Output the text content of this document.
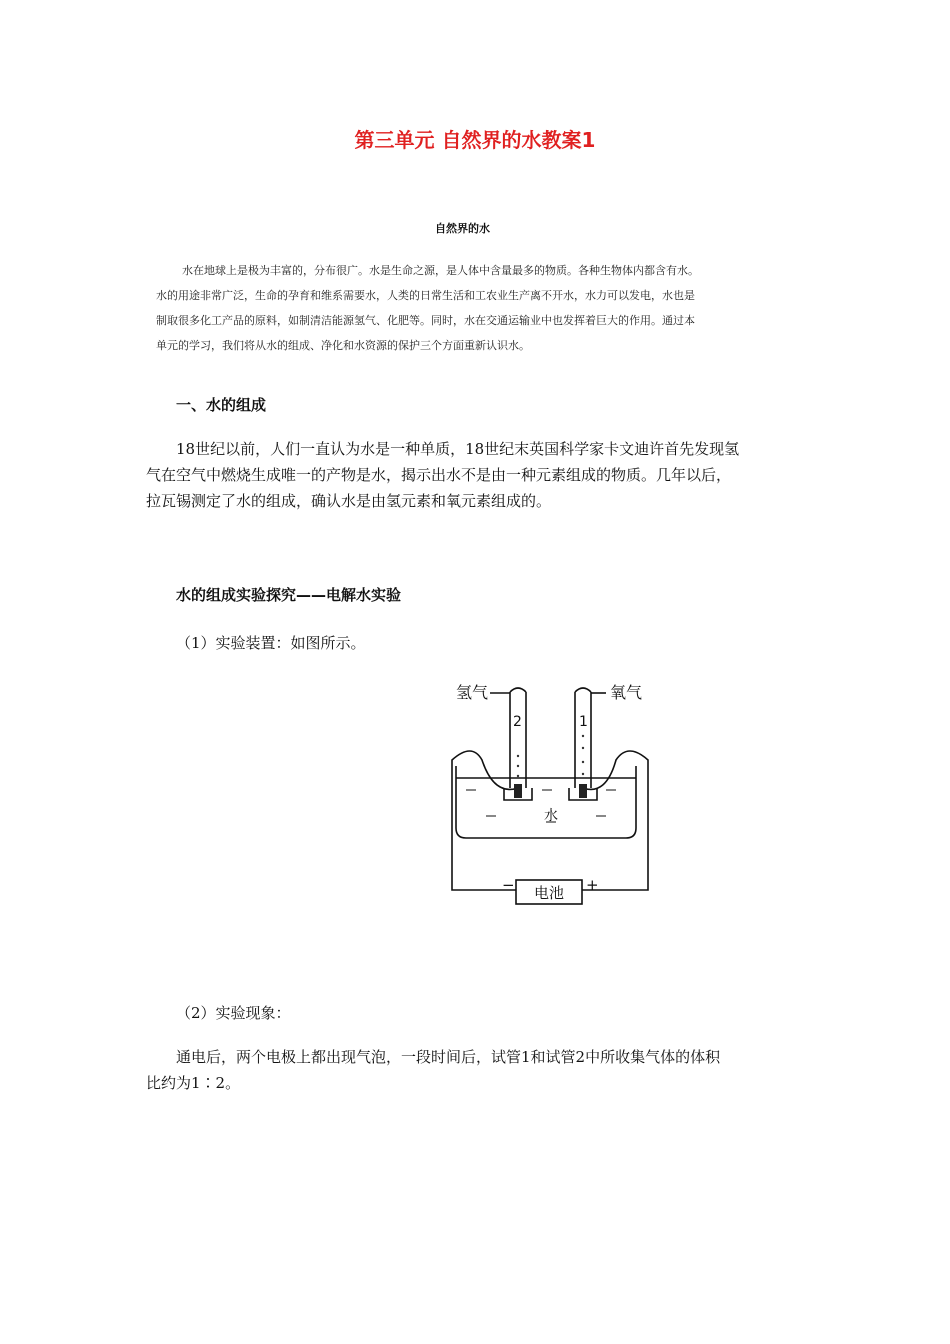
第三单元 自然界的水教案1
自然界的水

水在地球上是极为丰富的，分布很广。水是生命之源，是人体中含量最多的物质。各种生物体内都含有水。

水的用途非常广泛，生命的孕育和维系需要水，人类的日常生活和工农业生产离不开水，水力可以发电，水也是

制取很多化工产品的原料，如制清洁能源氢气、化肥等。同时，水在交通运输业中也发挥着巨大的作用。通过本

单元的学习，我们将从水的组成、净化和水资源的保护三个方面重新认识水。

一、水的组成

18世纪以前，人们一直认为水是一种单质，18世纪末英国科学家卡文迪许首先发现氢

气在空气中燃烧生成唯一的产物是水，揭示出水不是由一种元素组成的物质。几年以后，

拉瓦锡测定了水的组成，确认水是由氢元素和氧元素组成的。

水的组成实验探究——电解水实验
（1）实验装置：如图所示。
氢气	氧气
2	1
水
电池
−	+
（2）实验现象：

通电后，两个电极上都出现气泡，一段时间后，试管1和试管2中所收集气体的体积

比约为1∶2。
